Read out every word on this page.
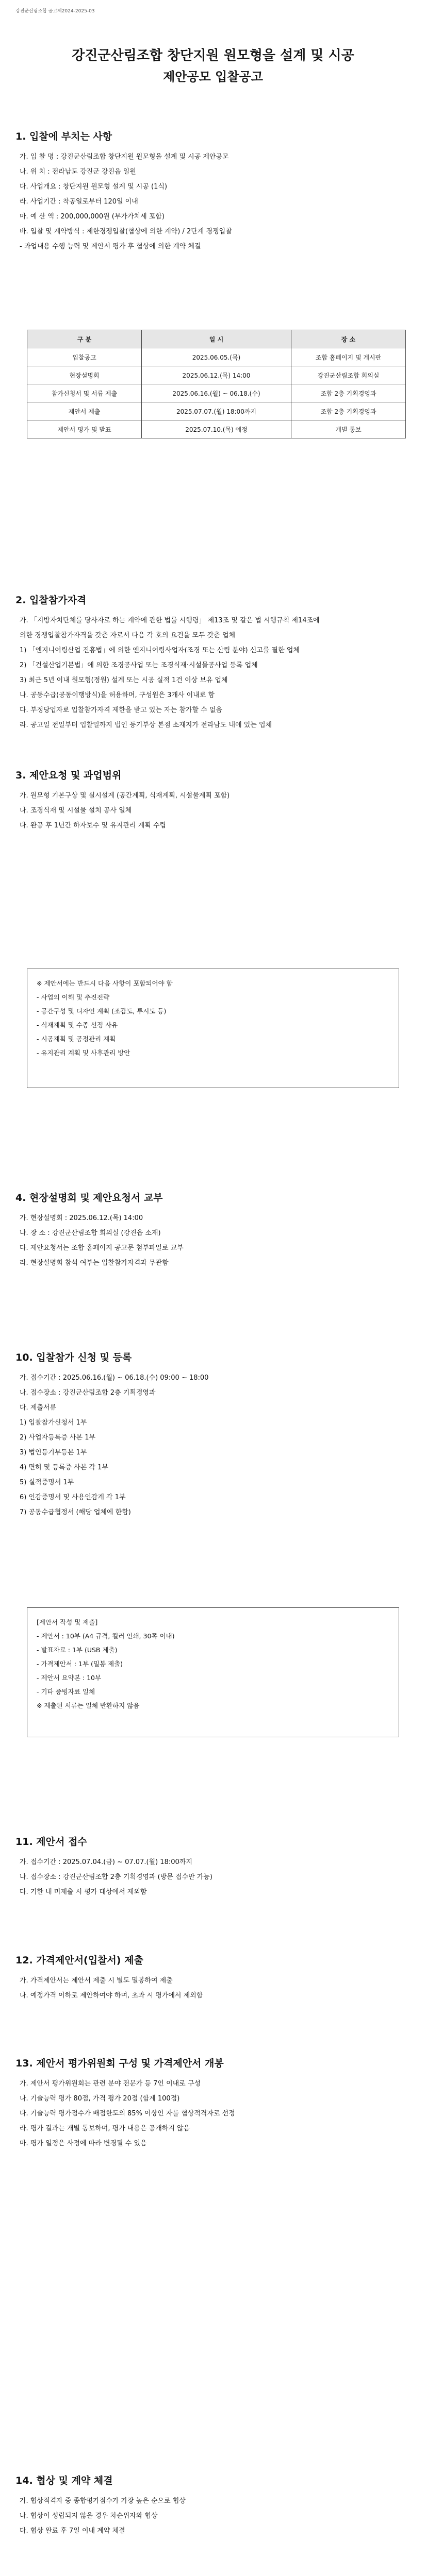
강진군산림조합 공고제2024-2025-03
강진군산림조합 창단지원 원모형을 설계 및 시공
제안공모 입찰공고
1. 입찰에 부치는 사항
가. 입 찰 명 : 강진군산림조합 창단지원 원모형을 설계 및 시공 제안공모
나. 위 치 : 전라남도 강진군 강진읍 일원
다. 사업개요 : 창단지원 원모형 설계 및 시공 (1식)
라. 사업기간 : 착공일로부터 120일 이내
마. 예 산 액 : 200,000,000원 (부가가치세 포함)
바. 입찰 및 계약방식 : 제한경쟁입찰(협상에 의한 계약) / 2단계 경쟁입찰
- 과업내용 수행 능력 및 제안서 평가 후 협상에 의한 계약 체결
구 분	일 시	장 소
입찰공고	2025.06.05.(목)	조합 홈페이지 및 게시판
현장설명회	2025.06.12.(목) 14:00	강진군산림조합 회의실
참가신청서 및 서류 제출	2025.06.16.(월) ~ 06.18.(수)	조합 2층 기획경영과
제안서 제출	2025.07.07.(월) 18:00까지	조합 2층 기획경영과
제안서 평가 및 발표	2025.07.10.(목) 예정	개별 통보
2. 입찰참가자격
가. 「지방자치단체를 당사자로 하는 계약에 관한 법률 시행령」 제13조 및 같은 법 시행규칙 제14조에
의한 경쟁입찰참가자격을 갖춘 자로서 다음 각 호의 요건을 모두 갖춘 업체
1) 「엔지니어링산업 진흥법」에 의한 엔지니어링사업자(조경 또는 산림 분야) 신고를 필한 업체
2) 「건설산업기본법」에 의한 조경공사업 또는 조경식재·시설물공사업 등록 업체
3) 최근 5년 이내 원모형(정원) 설계 또는 시공 실적 1건 이상 보유 업체
나. 공동수급(공동이행방식)을 허용하며, 구성원은 3개사 이내로 함
다. 부정당업자로 입찰참가자격 제한을 받고 있는 자는 참가할 수 없음
라. 공고일 전일부터 입찰일까지 법인 등기부상 본점 소재지가 전라남도 내에 있는 업체
3. 제안요청 및 과업범위
가. 원모형 기본구상 및 실시설계 (공간계획, 식재계획, 시설물계획 포함)
나. 조경식재 및 시설물 설치 공사 일체
다. 완공 후 1년간 하자보수 및 유지관리 계획 수립
※ 제안서에는 반드시 다음 사항이 포함되어야 함
- 사업의 이해 및 추진전략
- 공간구성 및 디자인 계획 (조감도, 투시도 등)
- 식재계획 및 수종 선정 사유
- 시공계획 및 공정관리 계획
- 유지관리 계획 및 사후관리 방안
4. 현장설명회 및 제안요청서 교부
가. 현장설명회 : 2025.06.12.(목) 14:00
나. 장 소 : 강진군산림조합 회의실 (강진읍 소재)
다. 제안요청서는 조합 홈페이지 공고문 첨부파일로 교부
라. 현장설명회 참석 여부는 입찰참가자격과 무관함
10. 입찰참가 신청 및 등록
가. 접수기간 : 2025.06.16.(월) ~ 06.18.(수) 09:00 ~ 18:00
나. 접수장소 : 강진군산림조합 2층 기획경영과
다. 제출서류
1) 입찰참가신청서 1부
2) 사업자등록증 사본 1부
3) 법인등기부등본 1부
4) 면허 및 등록증 사본 각 1부
5) 실적증명서 1부
6) 인감증명서 및 사용인감계 각 1부
7) 공동수급협정서 (해당 업체에 한함)
[제안서 작성 및 제출]
- 제안서 : 10부 (A4 규격, 컬러 인쇄, 30쪽 이내)
- 발표자료 : 1부 (USB 제출)
- 가격제안서 : 1부 (밀봉 제출)
- 제안서 요약본 : 10부
- 기타 증빙자료 일체
※ 제출된 서류는 일체 반환하지 않음
11. 제안서 접수
가. 접수기간 : 2025.07.04.(금) ~ 07.07.(월) 18:00까지
나. 접수장소 : 강진군산림조합 2층 기획경영과 (방문 접수만 가능)
다. 기한 내 미제출 시 평가 대상에서 제외함
12. 가격제안서(입찰서) 제출
가. 가격제안서는 제안서 제출 시 별도 밀봉하여 제출
나. 예정가격 이하로 제안하여야 하며, 초과 시 평가에서 제외함
13. 제안서 평가위원회 구성 및 가격제안서 개봉
가. 제안서 평가위원회는 관련 분야 전문가 등 7인 이내로 구성
나. 기술능력 평가 80점, 가격 평가 20점 (합계 100점)
다. 기술능력 평가점수가 배점한도의 85% 이상인 자를 협상적격자로 선정
라. 평가 결과는 개별 통보하며, 평가 내용은 공개하지 않음
마. 평가 일정은 사정에 따라 변경될 수 있음
14. 협상 및 계약 체결
가. 협상적격자 중 종합평가점수가 가장 높은 순으로 협상
나. 협상이 성립되지 않을 경우 차순위자와 협상
다. 협상 완료 후 7일 이내 계약 체결
